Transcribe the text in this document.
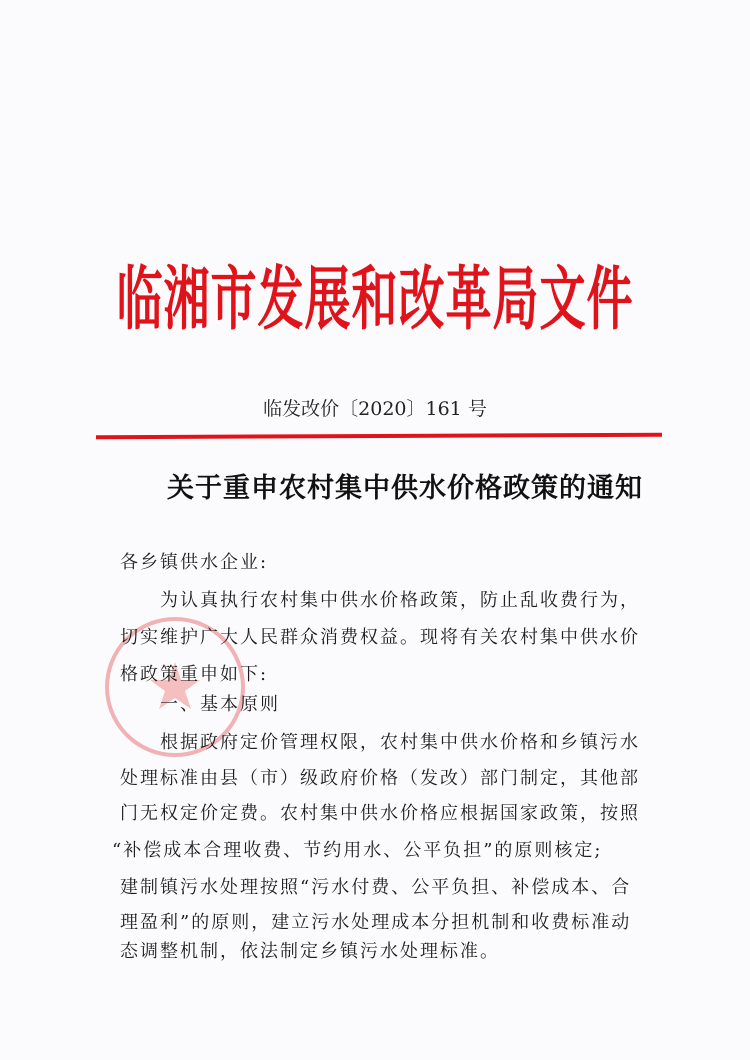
临湘市发展和改革局文件
临发改价〔2020〕161 号
关于重申农村集中供水价格政策的通知
各乡镇供水企业:
为认真执行农村集中供水价格政策，防止乱收费行为，
切实维护广大人民群众消费权益。现将有关农村集中供水价
格政策重申如下:
一、基本原则
根据政府定价管理权限，农村集中供水价格和乡镇污水
处理标准由县（市）级政府价格（发改）部门制定，其他部
门无权定价定费。农村集中供水价格应根据国家政策，按照
“补偿成本合理收费、节约用水、公平负担”的原则核定;
建制镇污水处理按照“污水付费、公平负担、补偿成本、合
理盈利”的原则，建立污水处理成本分担机制和收费标准动
态调整机制，依法制定乡镇污水处理标准。
